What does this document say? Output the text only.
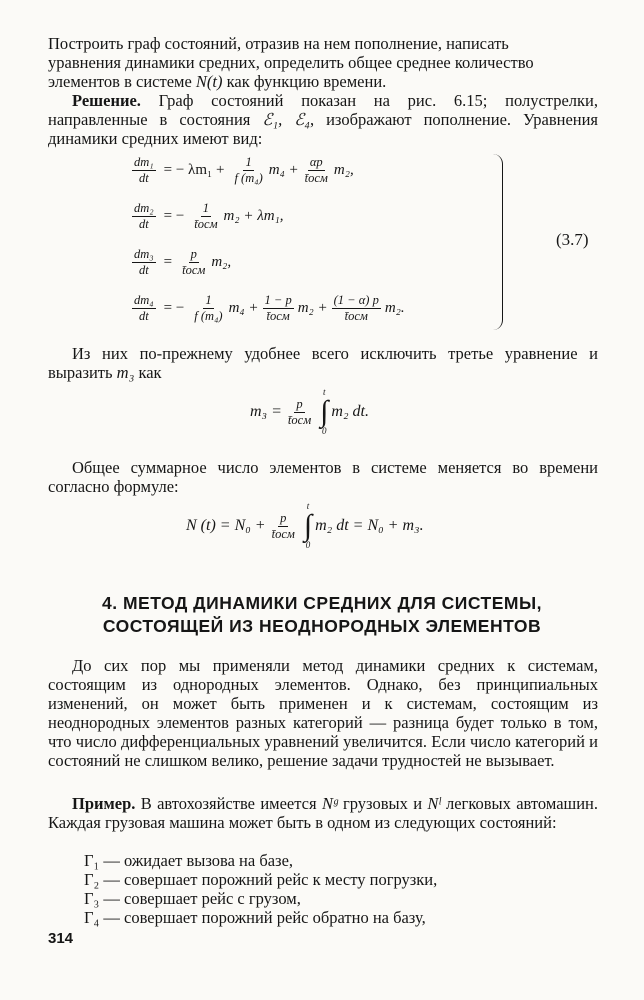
Построить граф состояний, отразив на нем пополнение, написать

уравнения динамики средних, определить общее среднее количество

элементов в системе N(t) как функцию времени.

Решение. Граф состояний показан на рис. 6.15; полустрелки, направленные в состояния ℰ₁, ℰ₄, изображают пополнение. Уравнения динамики средних имеют вид:
$\frac{\text{dm₁}}{dt}$ = − $\lambda m_1 + \frac{1}{\text{f (m₄)}} m_4 + \frac{\alpha p}{\text{t̄осм}} m_2$,
$\frac{\text{dm₂}}{dt}$ = − $\frac{1}{\text{t̄осм}} m_2 + \lambda m_1$,
$\frac{\text{dm₃}}{dt} = \frac{p}{\text{t̄осм}} m_2$,
$\frac{\text{dm₄}}{dt}$ = − $\frac{1}{\text{f (m₄)}} m_4 + \frac{1 - p}{\text{t̄осм}} m_2 + \frac{(1 - \alpha) p}{\text{t̄осм}} m_2$.
(3.7)
Из них по-прежнему удобнее всего исключить третье уравнение и выразить m₃ как
$m_3 = \frac{p}{\text{t̄осм}}$
t
∫
0
m₂ dt.
Общее суммарное число элементов в системе меняется во времени согласно формуле:
N $(t) = N_0 + \frac{p}{\text{t̄осм}}$
t
∫
0
m₂ dt = N₀ + m₃.
4. МЕТОД ДИНАМИКИ СРЕДНИХ ДЛЯ СИСТЕМЫ,
СОСТОЯЩЕЙ ИЗ НЕОДНОРОДНЫХ ЭЛЕМЕНТОВ
До сих пор мы применяли метод динамики средних к системам, состоящим из однородных элементов. Однако, без принципиальных изменений, он может быть применен и к системам, состоящим из неоднородных элементов разных категорий — разница будет только в том, что число дифференциальных уравнений увеличится. Если число категорий и состояний не слишком велико, решение задачи трудностей не вызывает.
Пример. В автохозяйстве имеется Nᵍ грузовых и Nˡ легковых автомашин. Каждая грузовая машина может быть в одном из следующих состояний:
Г₁ — ожидает вызова на базе,
Г₂ — совершает порожний рейс к месту погрузки,
Г₃ — совершает рейс с грузом,
Г₄ — совершает порожний рейс обратно на базу,
314
